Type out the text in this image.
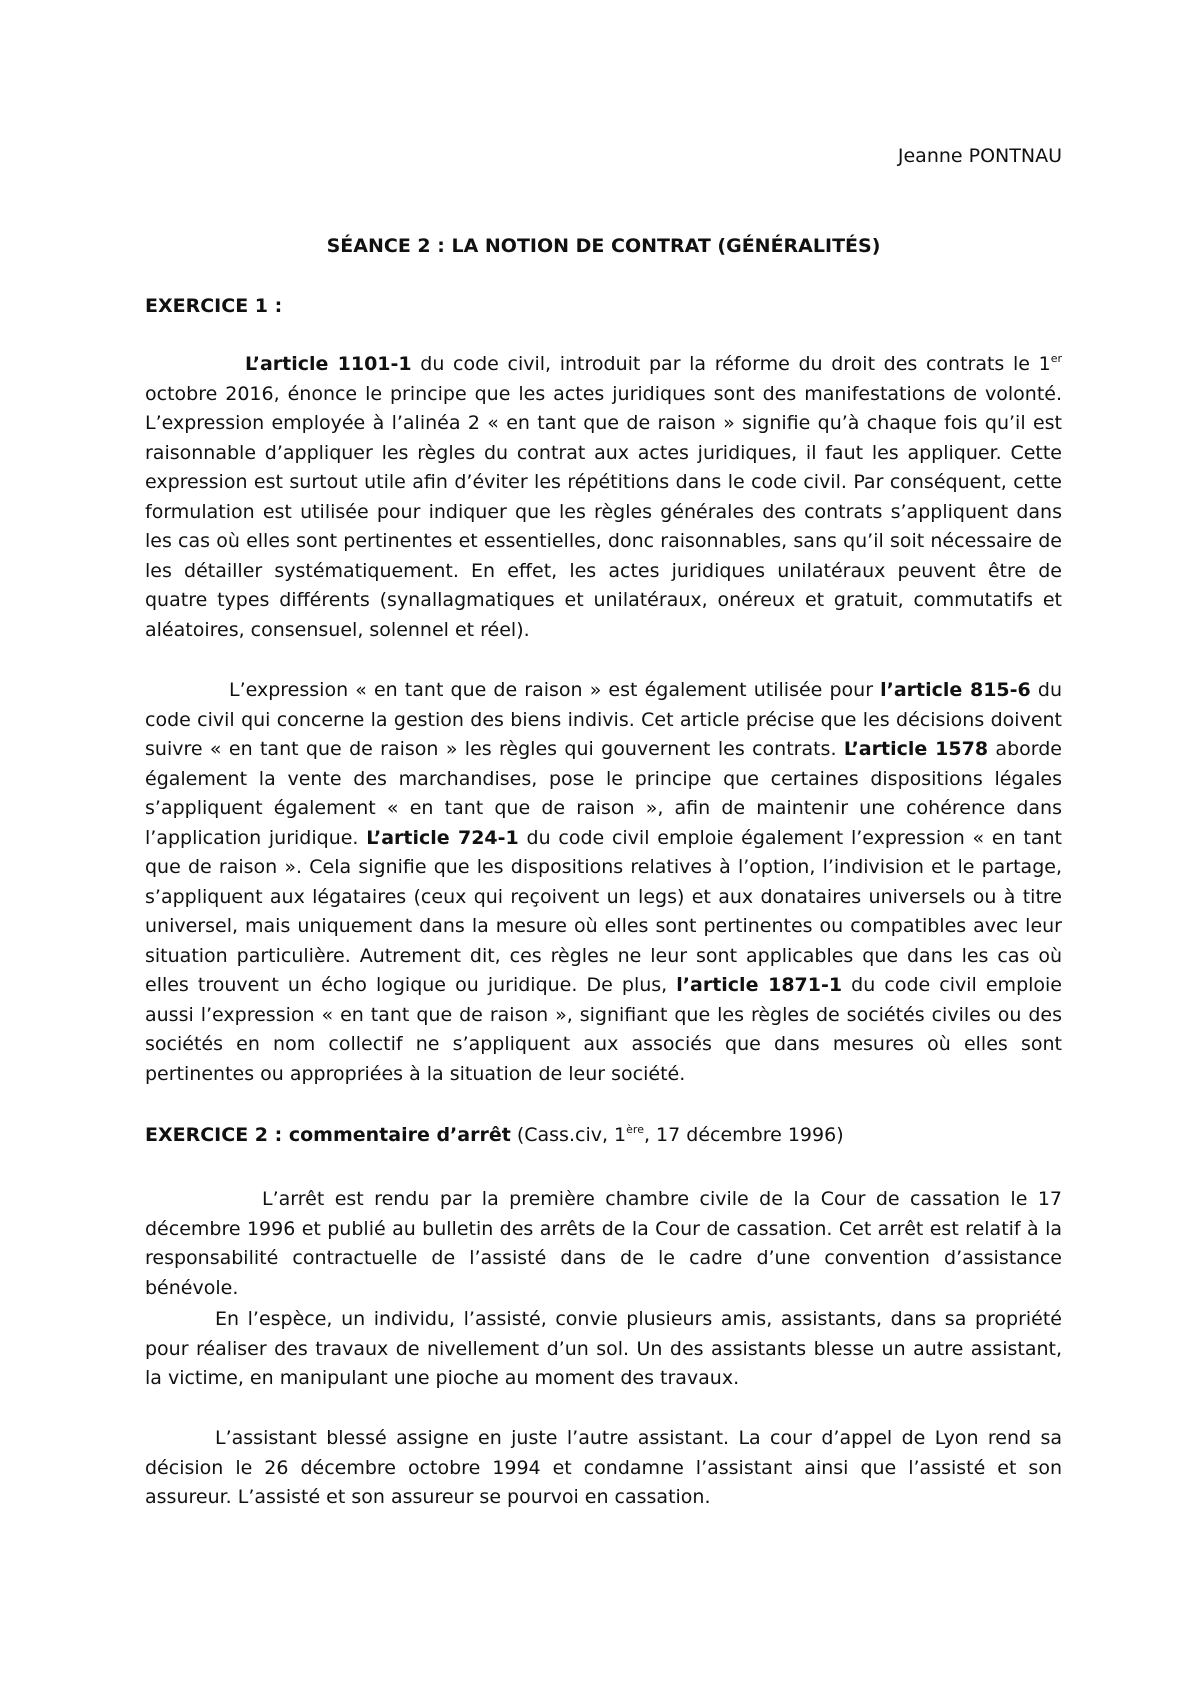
Jeanne PONTNAU
SÉANCE 2 : LA NOTION DE CONTRAT (GÉNÉRALITÉS)
EXERCICE 1 :

L’article 1101-1 du code civil, introduit par la réforme du droit des contrats le 1er octobre 2016, énonce le principe que les actes juridiques sont des manifestations de volonté. L’expression employée à l’alinéa 2 « en tant que de raison » signifie qu’à chaque fois qu’il est raisonnable d’appliquer les règles du contrat aux actes juridiques, il faut les appliquer. Cette expression est surtout utile afin d’éviter les répétitions dans le code civil. Par conséquent, cette formulation est utilisée pour indiquer que les règles générales des contrats s’appliquent dans les cas où elles sont pertinentes et essentielles, donc raisonnables, sans qu’il soit nécessaire de les détailler systématiquement. En effet, les actes juridiques unilatéraux peuvent être de quatre types différents (synallagmatiques et unilatéraux, onéreux et gratuit, commutatifs et aléatoires, consensuel, solennel et réel).

L’expression « en tant que de raison » est également utilisée pour l’article 815-6 du code civil qui concerne la gestion des biens indivis. Cet article précise que les décisions doivent suivre « en tant que de raison » les règles qui gouvernent les contrats. L’article 1578 aborde également la vente des marchandises, pose le principe que certaines dispositions légales s’appliquent également « en tant que de raison », afin de maintenir une cohérence dans l’application juridique. L’article 724-1 du code civil emploie également l’expression « en tant que de raison ». Cela signifie que les dispositions relatives à l’option, l’indivision et le partage, s’appliquent aux légataires (ceux qui reçoivent un legs) et aux donataires universels ou à titre universel, mais uniquement dans la mesure où elles sont pertinentes ou compatibles avec leur situation particulière. Autrement dit, ces règles ne leur sont applicables que dans les cas où elles trouvent un écho logique ou juridique. De plus, l’article 1871-1 du code civil emploie aussi l’expression « en tant que de raison », signifiant que les règles de sociétés civiles ou des sociétés en nom collectif ne s’appliquent aux associés que dans mesures où elles sont pertinentes ou appropriées à la situation de leur société.

EXERCICE 2 : commentaire d’arrêt (Cass.civ, 1ère, 17 décembre 1996)

L’arrêt est rendu par la première chambre civile de la Cour de cassation le 17 décembre 1996 et publié au bulletin des arrêts de la Cour de cassation. Cet arrêt est relatif à la responsabilité contractuelle de l’assisté dans de le cadre d’une convention d’assistance bénévole.

En l’espèce, un individu, l’assisté, convie plusieurs amis, assistants, dans sa propriété pour réaliser des travaux de nivellement d’un sol. Un des assistants blesse un autre assistant, la victime, en manipulant une pioche au moment des travaux.

L’assistant blessé assigne en juste l’autre assistant. La cour d’appel de Lyon rend sa décision le 26 décembre octobre 1994 et condamne l’assistant ainsi que l’assisté et son assureur. L’assisté et son assureur se pourvoi en cassation.
